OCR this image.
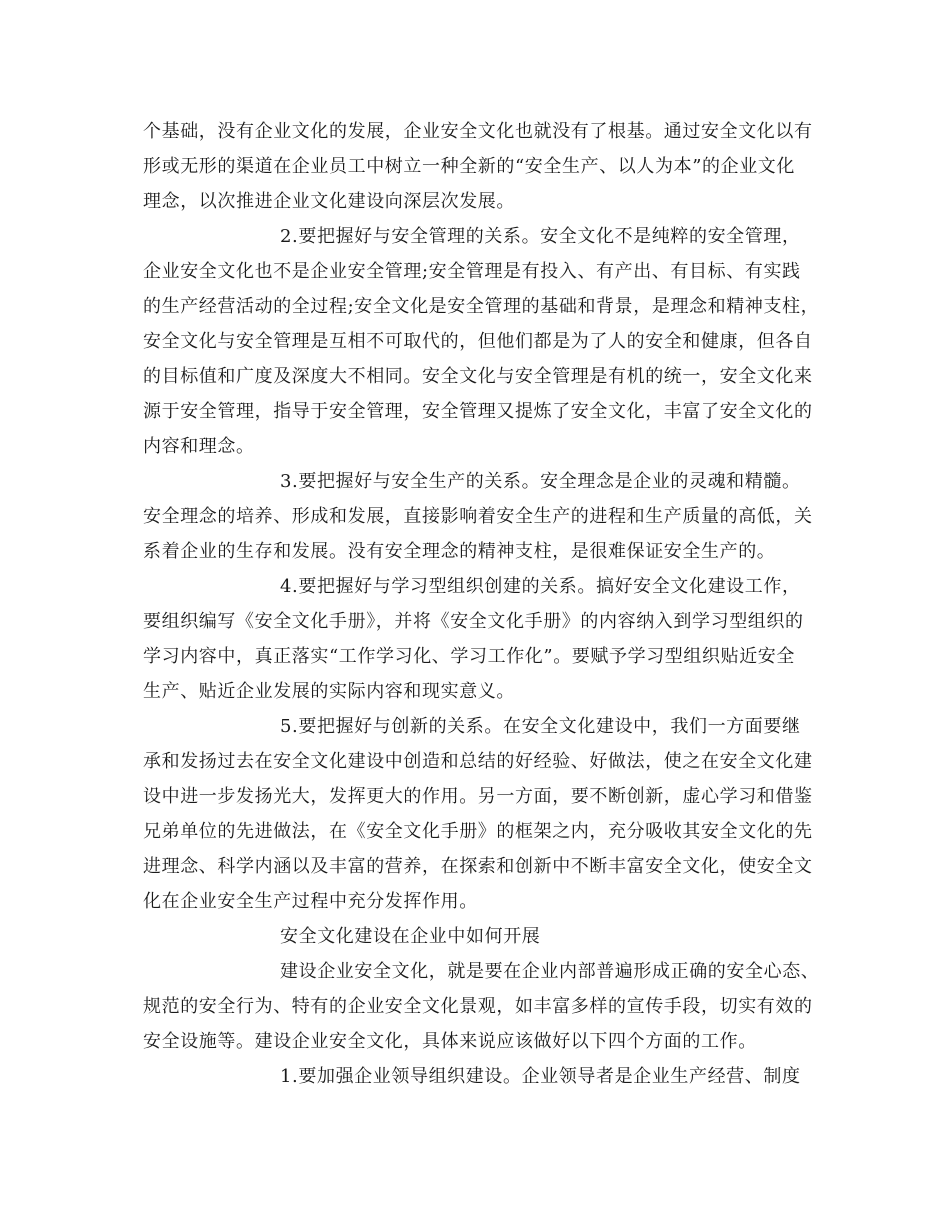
个基础，没有企业文化的发展，企业安全文化也就没有了根基。通过安全文化以有
形或无形的渠道在企业员工中树立一种全新的“安全生产、以人为本”的企业文化
理念，以次推进企业文化建设向深层次发展。
2.要把握好与安全管理的关系。安全文化不是纯粹的安全管理，
企业安全文化也不是企业安全管理;安全管理是有投入、有产出、有目标、有实践
的生产经营活动的全过程;安全文化是安全管理的基础和背景，是理念和精神支柱，
安全文化与安全管理是互相不可取代的，但他们都是为了人的安全和健康，但各自
的目标值和广度及深度大不相同。安全文化与安全管理是有机的统一，安全文化来
源于安全管理，指导于安全管理，安全管理又提炼了安全文化，丰富了安全文化的
内容和理念。
3.要把握好与安全生产的关系。安全理念是企业的灵魂和精髓。
安全理念的培养、形成和发展，直接影响着安全生产的进程和生产质量的高低，关
系着企业的生存和发展。没有安全理念的精神支柱，是很难保证安全生产的。
4.要把握好与学习型组织创建的关系。搞好安全文化建设工作，
要组织编写《安全文化手册》，并将《安全文化手册》的内容纳入到学习型组织的
学习内容中，真正落实“工作学习化、学习工作化”。要赋予学习型组织贴近安全
生产、贴近企业发展的实际内容和现实意义。
5.要把握好与创新的关系。在安全文化建设中，我们一方面要继
承和发扬过去在安全文化建设中创造和总结的好经验、好做法，使之在安全文化建
设中进一步发扬光大，发挥更大的作用。另一方面，要不断创新，虚心学习和借鉴
兄弟单位的先进做法，在《安全文化手册》的框架之内，充分吸收其安全文化的先
进理念、科学内涵以及丰富的营养，在探索和创新中不断丰富安全文化，使安全文
化在企业安全生产过程中充分发挥作用。
安全文化建设在企业中如何开展
建设企业安全文化，就是要在企业内部普遍形成正确的安全心态、
规范的安全行为、特有的企业安全文化景观，如丰富多样的宣传手段，切实有效的
安全设施等。建设企业安全文化，具体来说应该做好以下四个方面的工作。
1.要加强企业领导组织建设。企业领导者是企业生产经营、制度
